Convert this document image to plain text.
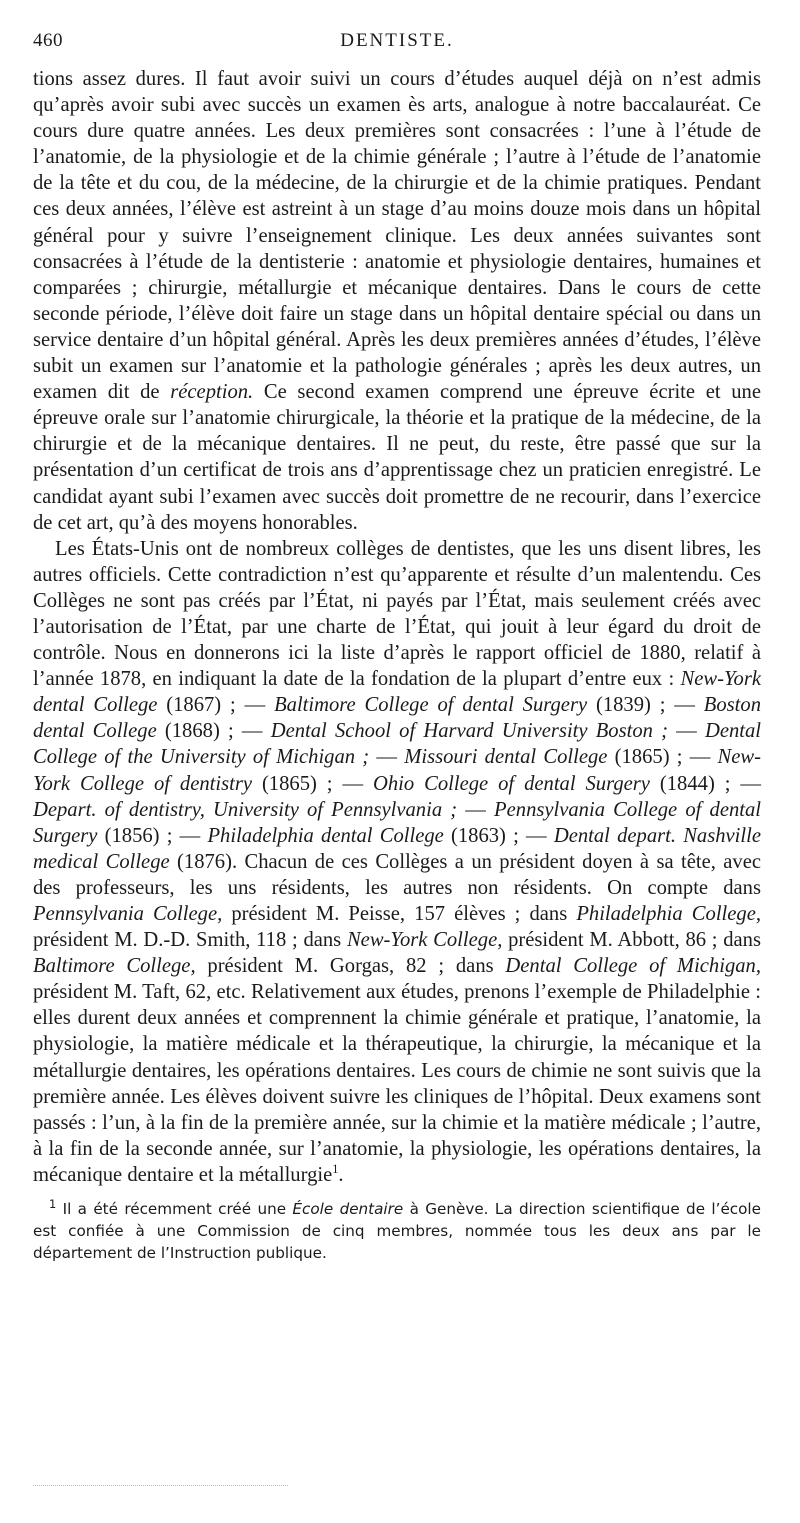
460	DENTISTE.

tions assez dures. Il faut avoir suivi un cours d’études auquel déjà on n’est admis qu’après avoir subi avec succès un examen ès arts, analogue à notre baccalauréat. Ce cours dure quatre années. Les deux premières sont consacrées : l’une à l’étude de l’anatomie, de la physiologie et de la chimie générale ; l’autre à l’étude de l’anatomie de la tête et du cou, de la médecine, de la chirurgie et de la chimie pratiques. Pendant ces deux années, l’élève est astreint à un stage d’au moins douze mois dans un hôpital général pour y suivre l’enseignement clinique. Les deux années suivantes sont consacrées à l’étude de la dentisterie : anatomie et physiologie dentaires, humaines et comparées ; chirurgie, métallurgie et mécanique dentaires. Dans le cours de cette seconde période, l’élève doit faire un stage dans un hôpital dentaire spécial ou dans un service dentaire d’un hôpital général. Après les deux premières années d’études, l’élève subit un examen sur l’anatomie et la pathologie générales ; après les deux autres, un examen dit de réception. Ce second examen comprend une épreuve écrite et une épreuve orale sur l’anatomie chirurgicale, la théorie et la pratique de la médecine, de la chirurgie et de la mécanique dentaires. Il ne peut, du reste, être passé que sur la présentation d’un certificat de trois ans d’apprentissage chez un praticien enregistré. Le candidat ayant subi l’examen avec succès doit promettre de ne recourir, dans l’exercice de cet art, qu’à des moyens honorables.

Les États-Unis ont de nombreux collèges de dentistes, que les uns disent libres, les autres officiels. Cette contradiction n’est qu’apparente et résulte d’un malentendu. Ces Collèges ne sont pas créés par l’État, ni payés par l’État, mais seulement créés avec l’autorisation de l’État, par une charte de l’État, qui jouit à leur égard du droit de contrôle. Nous en donnerons ici la liste d’après le rapport officiel de 1880, relatif à l’année 1878, en indiquant la date de la fondation de la plupart d’entre eux : New-York dental College (1867) ; — Baltimore College of dental Surgery (1839) ; — Boston dental College (1868) ; — Dental School of Harvard University Boston ; — Dental College of the University of Michigan ; — Missouri dental College (1865) ; — New-York College of dentistry (1865) ; — Ohio College of dental Surgery (1844) ; — Depart. of dentistry, University of Pennsylvania ; — Pennsylvania College of dental Surgery (1856) ; — Philadelphia dental College (1863) ; — Dental depart. Nashville medical College (1876). Chacun de ces Collèges a un président doyen à sa tête, avec des professeurs, les uns résidents, les autres non résidents. On compte dans Pennsylvania College, président M. Peisse, 157 élèves ; dans Philadelphia College, président M. D.-D. Smith, 118 ; dans New-York College, président M. Abbott, 86 ; dans Baltimore College, président M. Gorgas, 82 ; dans Dental College of Michigan, président M. Taft, 62, etc. Relativement aux études, prenons l’exemple de Philadelphie : elles durent deux années et comprennent la chimie générale et pratique, l’anatomie, la physiologie, la matière médicale et la thérapeutique, la chirurgie, la mécanique et la métallurgie dentaires, les opérations dentaires. Les cours de chimie ne sont suivis que la première année. Les élèves doivent suivre les cliniques de l’hôpital. Deux examens sont passés : l’un, à la fin de la première année, sur la chimie et la matière médicale ; l’autre, à la fin de la seconde année, sur l’anatomie, la physiologie, les opérations dentaires, la mécanique dentaire et la métallurgie$^1$.

$^1$ Il a été récemment créé une École dentaire à Genève. La direction scientifique de l’école est confiée à une Commission de cinq membres, nommée tous les deux ans par le département de l’Instruction publique.
